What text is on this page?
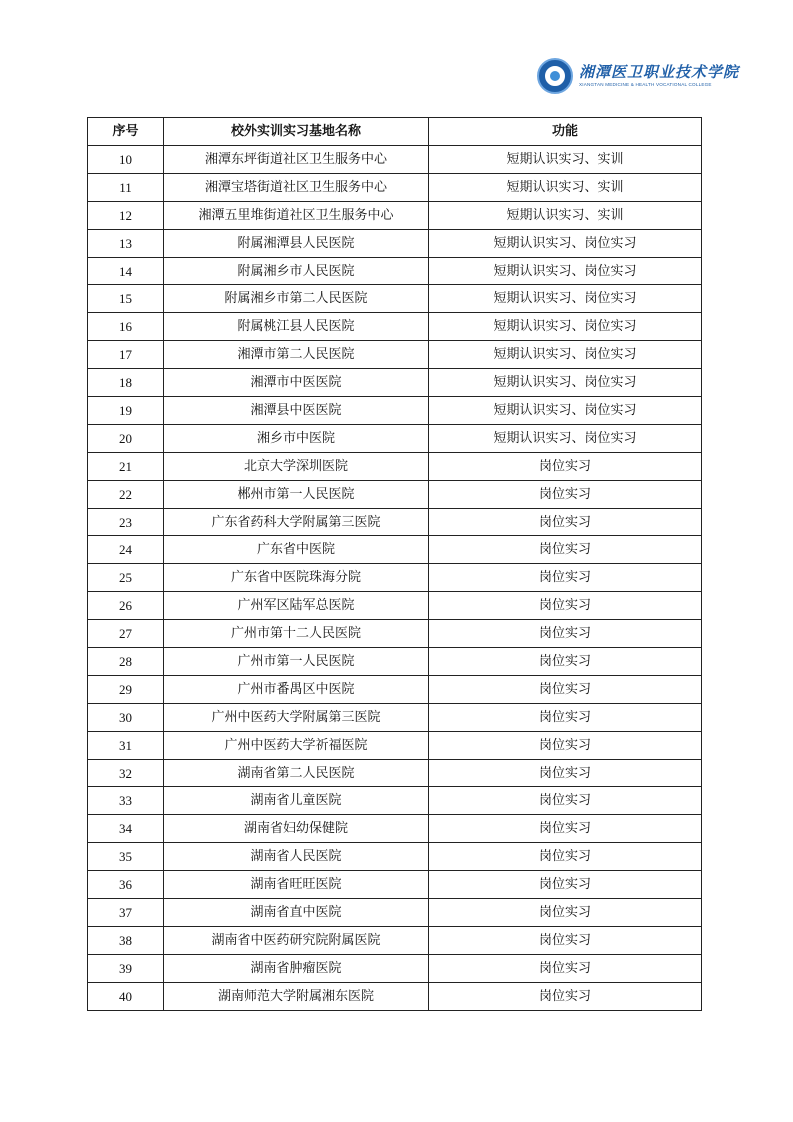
湘潭医卫职业技术学院
XIANGTAN MEDICINE & HEALTH VOCATIONAL COLLEGE
序号	校外实训实习基地名称	功能
10	湘潭东坪街道社区卫生服务中心	短期认识实习、实训
11	湘潭宝塔街道社区卫生服务中心	短期认识实习、实训
12	湘潭五里堆街道社区卫生服务中心	短期认识实习、实训
13	附属湘潭县人民医院	短期认识实习、岗位实习
14	附属湘乡市人民医院	短期认识实习、岗位实习
15	附属湘乡市第二人民医院	短期认识实习、岗位实习
16	附属桃江县人民医院	短期认识实习、岗位实习
17	湘潭市第二人民医院	短期认识实习、岗位实习
18	湘潭市中医医院	短期认识实习、岗位实习
19	湘潭县中医医院	短期认识实习、岗位实习
20	湘乡市中医院	短期认识实习、岗位实习
21	北京大学深圳医院	岗位实习
22	郴州市第一人民医院	岗位实习
23	广东省药科大学附属第三医院	岗位实习
24	广东省中医院	岗位实习
25	广东省中医院珠海分院	岗位实习
26	广州军区陆军总医院	岗位实习
27	广州市第十二人民医院	岗位实习
28	广州市第一人民医院	岗位实习
29	广州市番禺区中医院	岗位实习
30	广州中医药大学附属第三医院	岗位实习
31	广州中医药大学祈福医院	岗位实习
32	湖南省第二人民医院	岗位实习
33	湖南省儿童医院	岗位实习
34	湖南省妇幼保健院	岗位实习
35	湖南省人民医院	岗位实习
36	湖南省旺旺医院	岗位实习
37	湖南省直中医院	岗位实习
38	湖南省中医药研究院附属医院	岗位实习
39	湖南省肿瘤医院	岗位实习
40	湖南师范大学附属湘东医院	岗位实习
